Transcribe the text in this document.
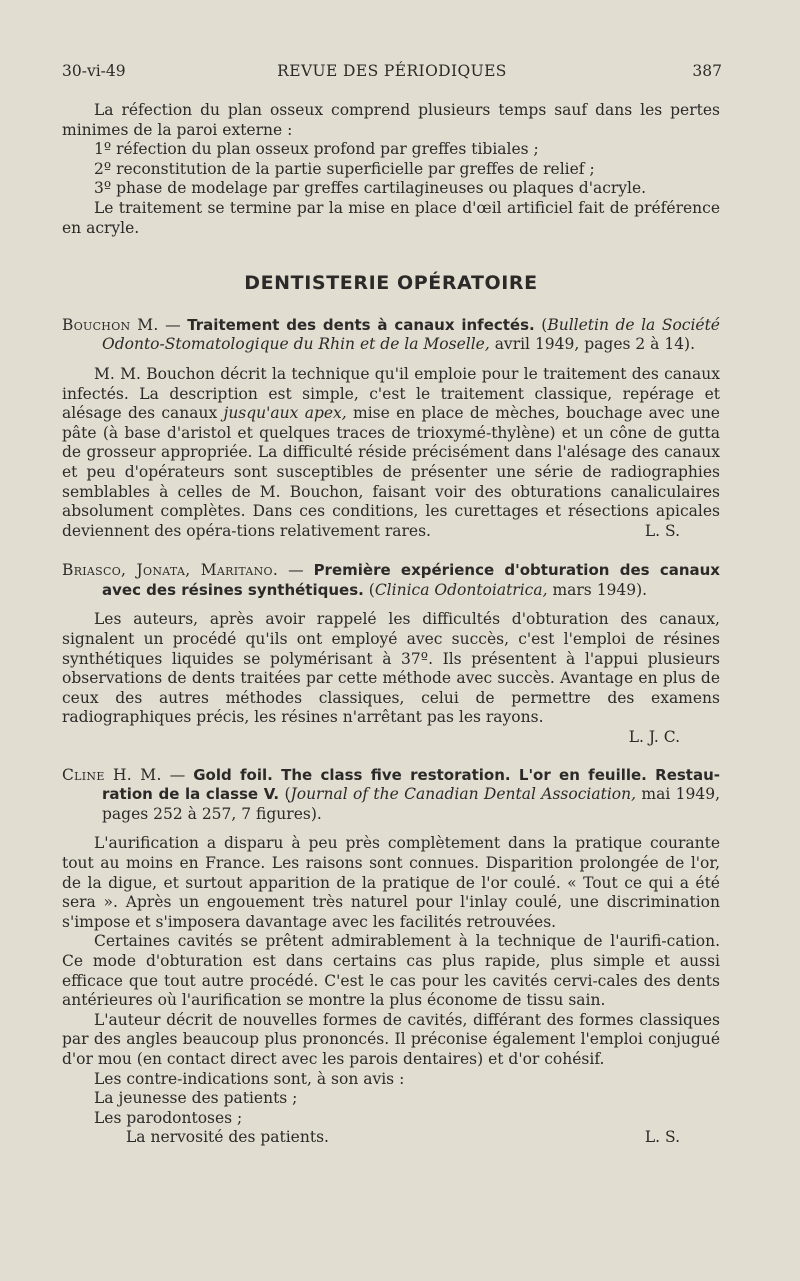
30-vi-49	REVUE DES PÉRIODIQUES	387

La réfection du plan osseux comprend plusieurs temps sauf dans les pertes minimes de la paroi externe :

1º réfection du plan osseux profond par greffes tibiales ;

2º reconstitution de la partie superficielle par greffes de relief ;

3º phase de modelage par greffes cartilagineuses ou plaques d'acryle.

Le traitement se termine par la mise en place d'œil artificiel fait de préférence en acryle.

DENTISTERIE OPÉRATOIRE

Bouchon M. — Traitement des dents à canaux infectés. (Bulletin de la Société Odonto-Stomatologique du Rhin et de la Moselle, avril 1949, pages 2 à 14).

M. M. Bouchon décrit la technique qu'il emploie pour le traitement des canaux infectés. La description est simple, c'est le traitement classique, repérage et alésage des canaux jusqu'aux apex, mise en place de mèches, bouchage avec une pâte (à base d'aristol et quelques traces de trioxymé-thylène) et un cône de gutta de grosseur appropriée. La difficulté réside précisément dans l'alésage des canaux et peu d'opérateurs sont susceptibles de présenter une série de radiographies semblables à celles de M. Bouchon, faisant voir des obturations canaliculaires absolument complètes. Dans ces conditions, les curettages et résections apicales deviennent des opéra-tions relativement rares.	L. S.

Briasco, Jonata, Maritano. — Première expérience d'obturation des canaux avec des résines synthétiques. (Clinica Odontoiatrica, mars 1949).

Les auteurs, après avoir rappelé les difficultés d'obturation des canaux, signalent un procédé qu'ils ont employé avec succès, c'est l'emploi de résines synthétiques liquides se polymérisant à 37º. Ils présentent à l'appui plusieurs observations de dents traitées par cette méthode avec succès. Avantage en plus de ceux des autres méthodes classiques, celui de permettre des examens radiographiques précis, les résines n'arrêtant pas les rayons.

L. J. C.

Cline H. M. — Gold foil. The class five restoration. L'or en feuille. Restau-ration de la classe V. (Journal of the Canadian Dental Association, mai 1949, pages 252 à 257, 7 figures).

L'aurification a disparu à peu près complètement dans la pratique courante tout au moins en France. Les raisons sont connues. Disparition prolongée de l'or, de la digue, et surtout apparition de la pratique de l'or coulé. « Tout ce qui a été sera ». Après un engouement très naturel pour l'inlay coulé, une discrimination s'impose et s'imposera davantage avec les facilités retrouvées.

Certaines cavités se prêtent admirablement à la technique de l'aurifi-cation. Ce mode d'obturation est dans certains cas plus rapide, plus simple et aussi efficace que tout autre procédé. C'est le cas pour les cavités cervi-cales des dents antérieures où l'aurification se montre la plus économe de tissu sain.

L'auteur décrit de nouvelles formes de cavités, différant des formes classiques par des angles beaucoup plus prononcés. Il préconise également l'emploi conjugué d'or mou (en contact direct avec les parois dentaires) et d'or cohésif.

Les contre-indications sont, à son avis :

La jeunesse des patients ;

Les parodontoses ;

La nervosité des patients.	L. S.
